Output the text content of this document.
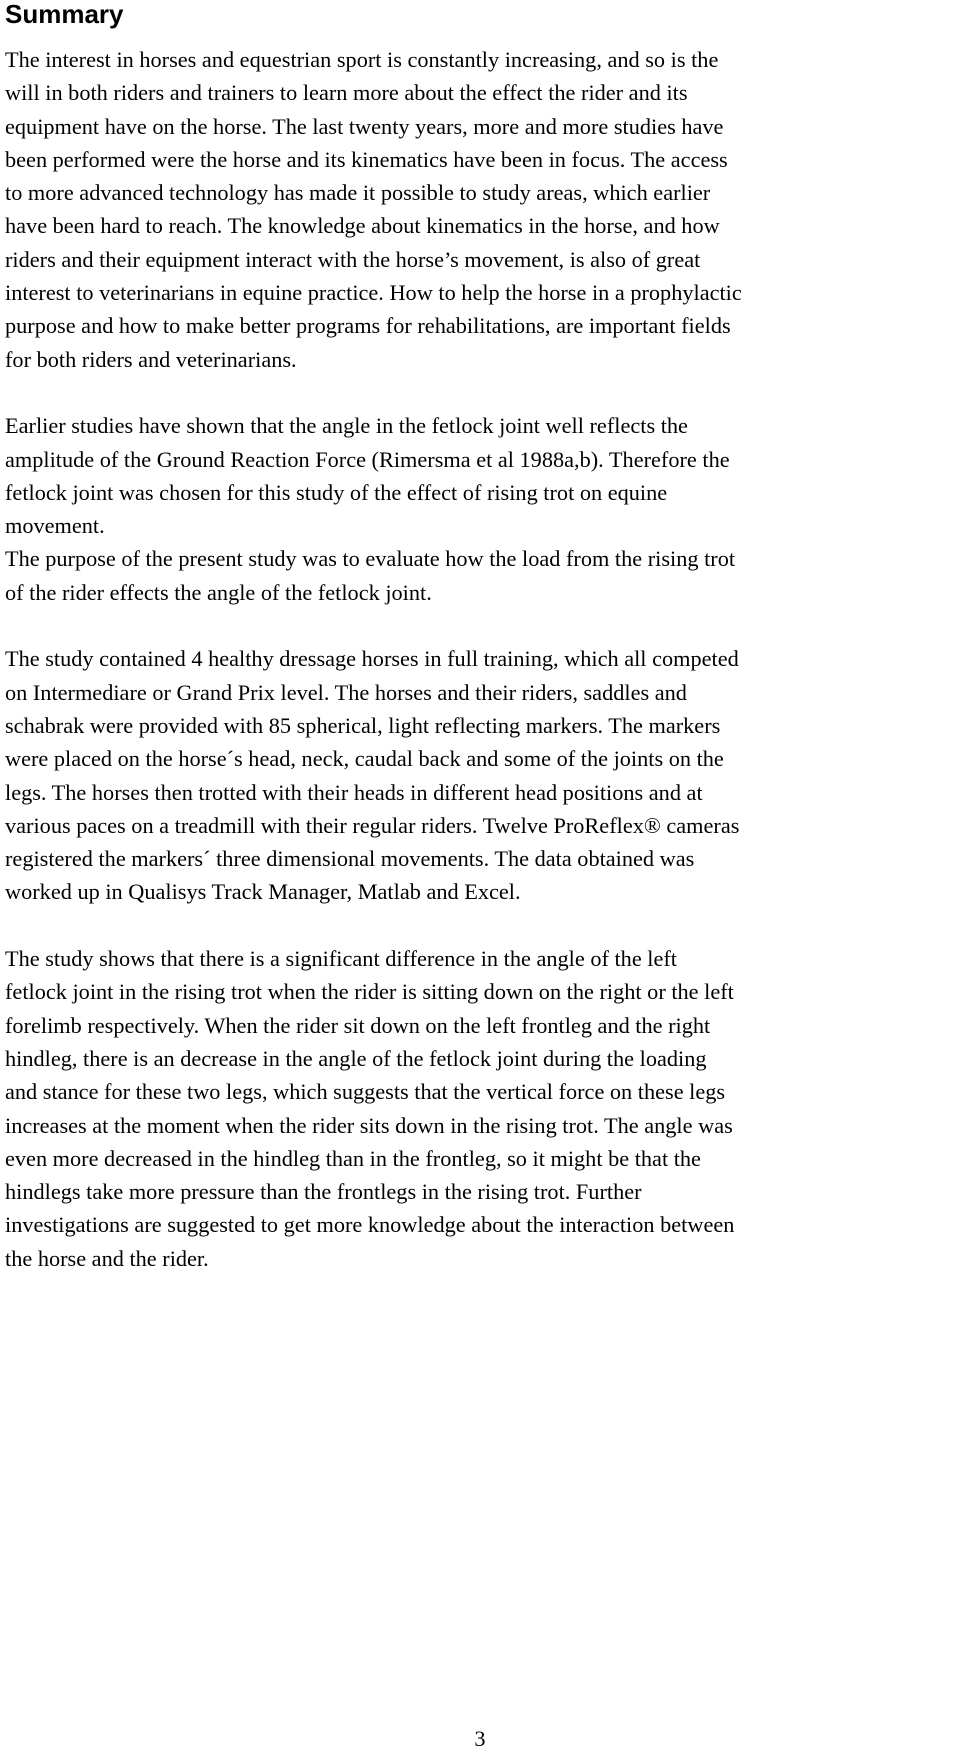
Summary

The interest in horses and equestrian sport is constantly increasing, and so is the
will in both riders and trainers to learn more about the effect the rider and its
equipment have on the horse. The last twenty years, more and more studies have
been performed were the horse and its kinematics have been in focus. The access
to more advanced technology has made it possible to study areas, which earlier
have been hard to reach. The knowledge about kinematics in the horse, and how
riders and their equipment interact with the horse’s movement, is also of great
interest to veterinarians in equine practice. How to help the horse in a prophylactic
purpose and how to make better programs for rehabilitations, are important fields
for both riders and veterinarians.

Earlier studies have shown that the angle in the fetlock joint well reflects the
amplitude of the Ground Reaction Force (Rimersma et al 1988a,b). Therefore the
fetlock joint was chosen for this study of the effect of rising trot on equine
movement.

The purpose of the present study was to evaluate how the load from the rising trot
of the rider effects the angle of the fetlock joint.

The study contained 4 healthy dressage horses in full training, which all competed
on Intermediare or Grand Prix level. The horses and their riders, saddles and
schabrak were provided with 85 spherical, light reflecting markers. The markers
were placed on the horse´s head, neck, caudal back and some of the joints on the
legs. The horses then trotted with their heads in different head positions and at
various paces on a treadmill with their regular riders. Twelve ProReflex® cameras
registered the markers´ three dimensional movements. The data obtained was
worked up in Qualisys Track Manager, Matlab and Excel.

The study shows that there is a significant difference in the angle of the left
fetlock joint in the rising trot when the rider is sitting down on the right or the left
forelimb respectively. When the rider sit down on the left frontleg and the right
hindleg, there is an decrease in the angle of the fetlock joint during the loading
and stance for these two legs, which suggests that the vertical force on these legs
increases at the moment when the rider sits down in the rising trot. The angle was
even more decreased in the hindleg than in the frontleg, so it might be that the
hindlegs take more pressure than the frontlegs in the rising trot. Further
investigations are suggested to get more knowledge about the interaction between
the horse and the rider.

3
